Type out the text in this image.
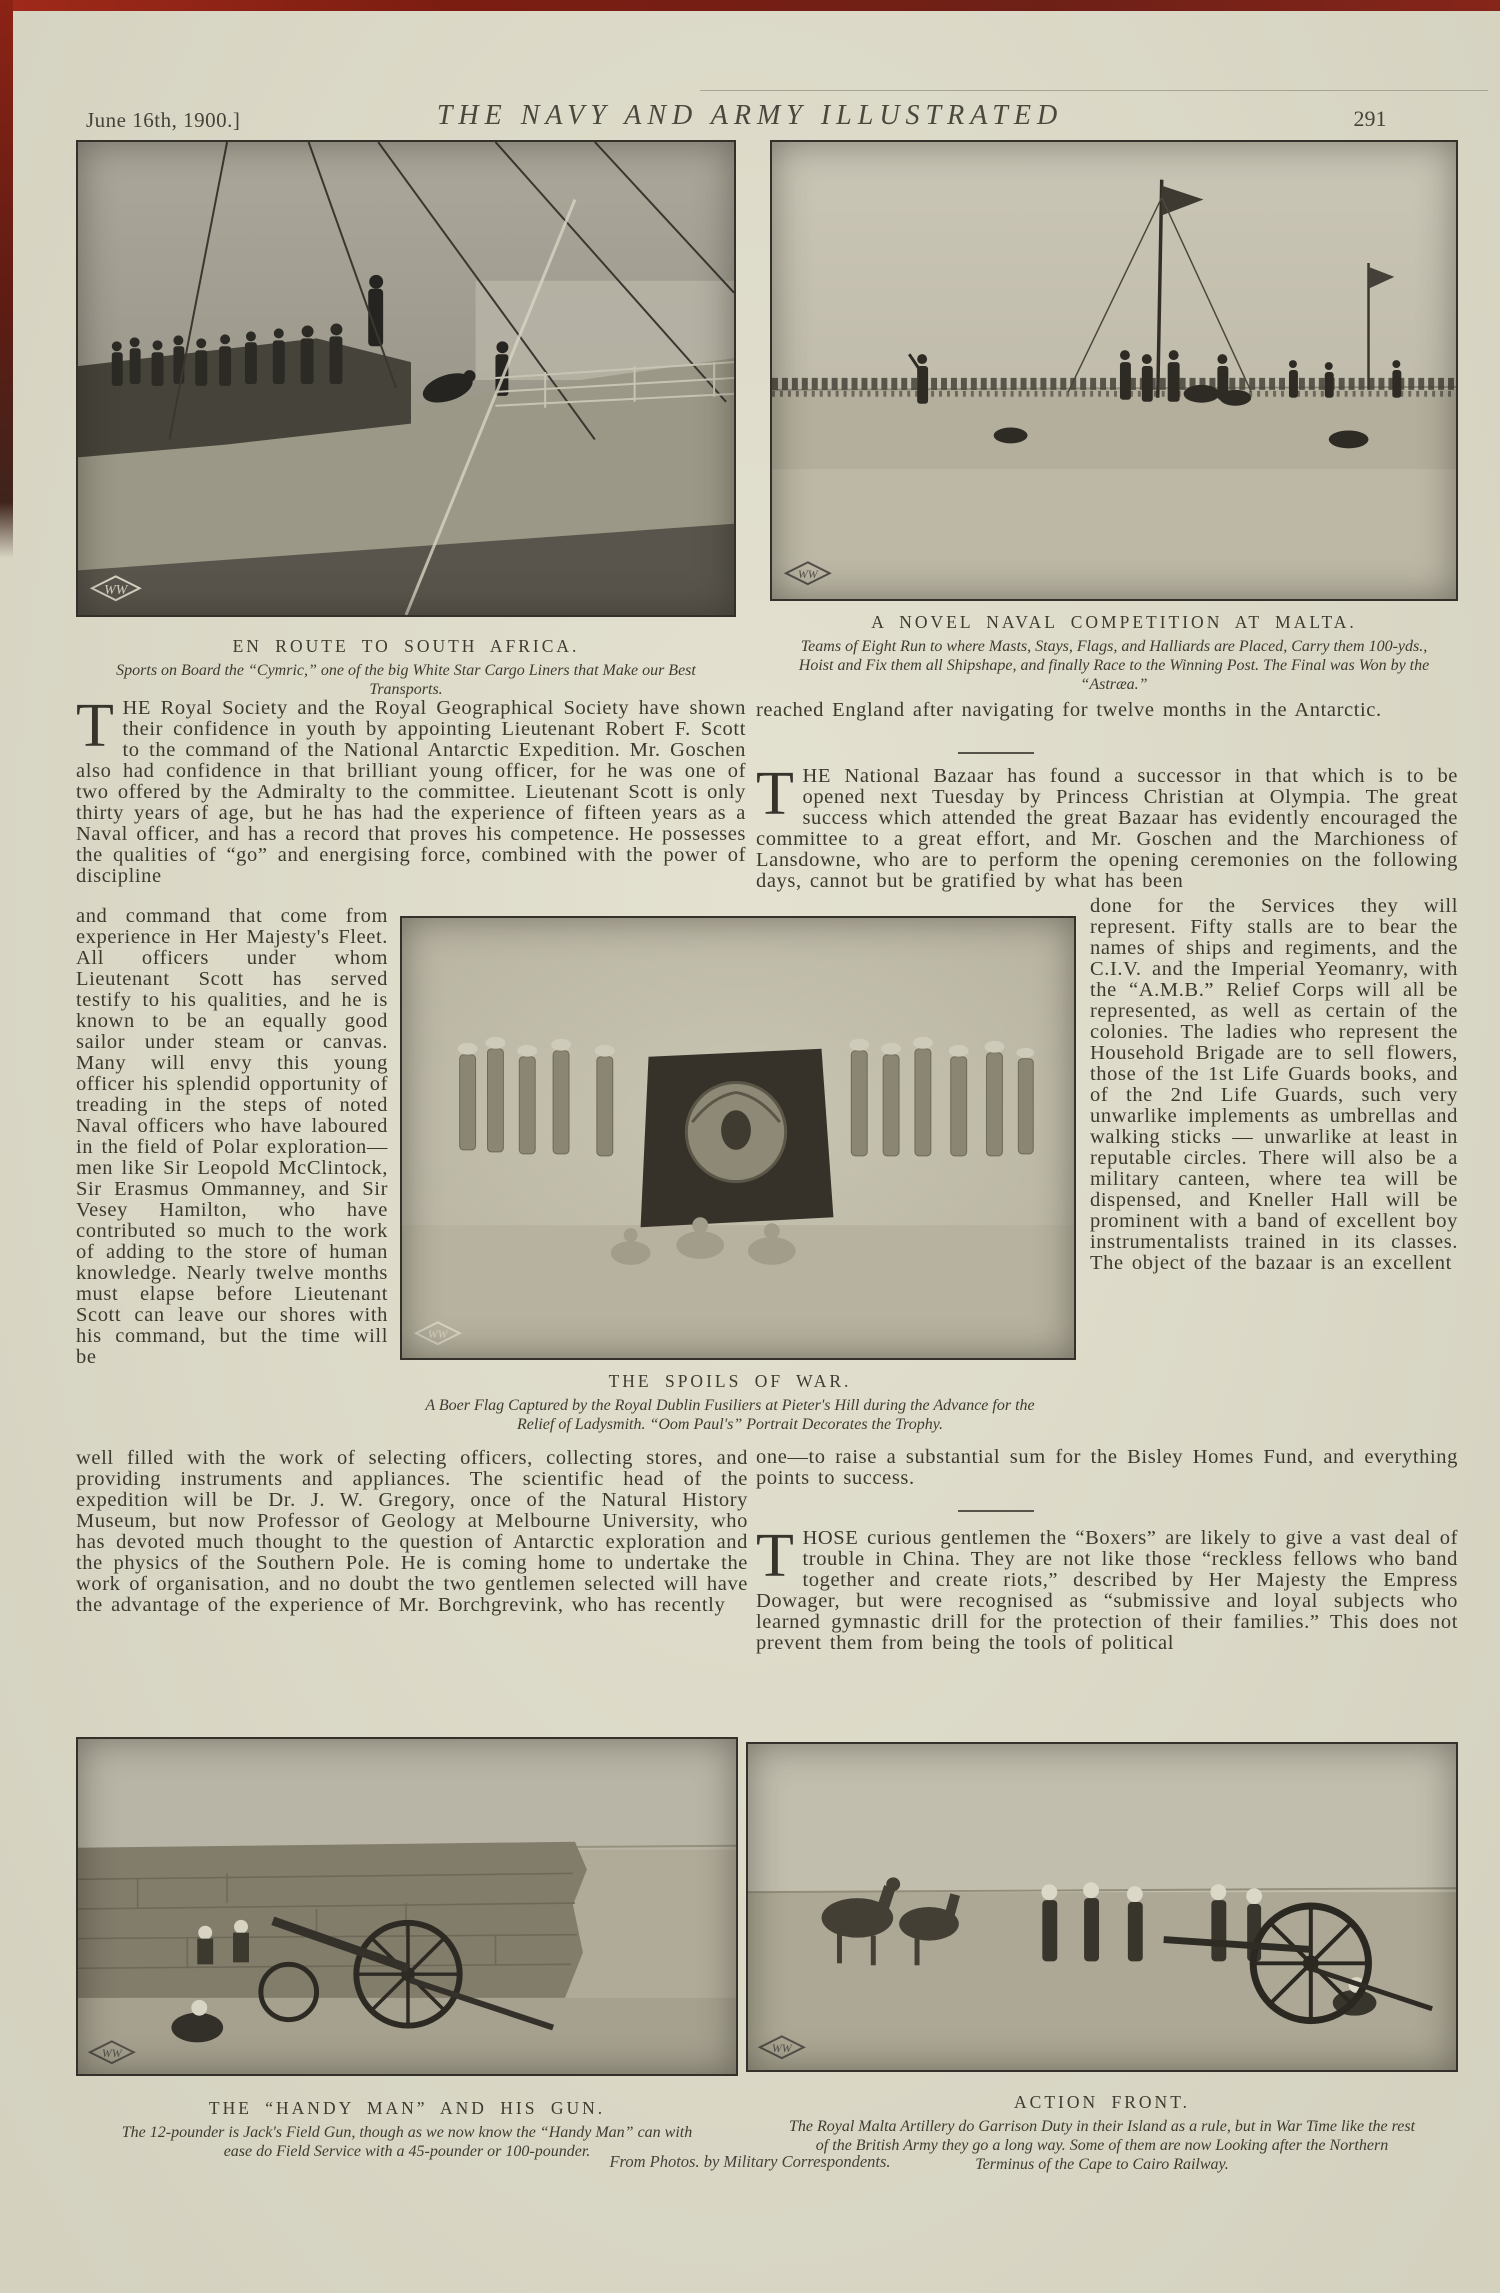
June 16th, 1900.]	THE NAVY AND ARMY ILLUSTRATED	291
WW
WW
EN ROUTE TO SOUTH AFRICA.
Sports on Board the “Cymric,” one of the big White Star Cargo Liners that Make our Best Transports.
A NOVEL NAVAL COMPETITION AT MALTA.
Teams of Eight Run to where Masts, Stays, Flags, and Halliards are Placed, Carry them 100-yds., Hoist and Fix them all Shipshape, and finally Race to the Winning Post. The Final was Won by the “Astræa.”
THE Royal Society and the Royal Geographical Society have shown their confidence in youth by appointing Lieutenant Robert F. Scott to the command of the National Antarctic Expedition. Mr. Goschen also had confidence in that brilliant young officer, for he was one of two offered by the Admiralty to the committee. Lieutenant Scott is only thirty years of age, but he has had the experience of fifteen years as a Naval officer, and has a record that proves his competence. He possesses the qualities of “go” and energising force, combined with the power of discipline
and command that come from experience in Her Majesty's Fleet. All officers under whom Lieutenant Scott has served testify to his qualities, and he is known to be an equally good sailor under steam or canvas. Many will envy this young officer his splendid opportunity of treading in the steps of noted Naval officers who have laboured in the field of Polar exploration—men like Sir Leopold McClintock, Sir Erasmus Ommanney, and Sir Vesey Hamilton, who have contributed so much to the work of adding to the store of human knowledge. Nearly twelve months must elapse before Lieutenant Scott can leave our shores with his command, but the time will be
well filled with the work of selecting officers, collecting stores, and providing instruments and appliances. The scientific head of the expedition will be Dr. J. W. Gregory, once of the Natural History Museum, but now Professor of Geology at Melbourne University, who has devoted much thought to the question of Antarctic exploration and the physics of the Southern Pole. He is coming home to undertake the work of organisation, and no doubt the two gentlemen selected will have the advantage of the experience of Mr. Borchgrevink, who has recently
reached England after navigating for twelve months in the Antarctic.
THE National Bazaar has found a successor in that which is to be opened next Tuesday by Princess Christian at Olympia. The great success which attended the great Bazaar has evidently encouraged the committee to a great effort, and Mr. Goschen and the Marchioness of Lansdowne, who are to perform the opening ceremonies on the following days, cannot but be gratified by what has been
done for the Services they will represent. Fifty stalls are to bear the names of ships and regiments, and the C.I.V. and the Imperial Yeomanry, with the “A.M.B.” Relief Corps will all be represented, as well as certain of the colonies. The ladies who represent the Household Brigade are to sell flowers, those of the 1st Life Guards books, and of the 2nd Life Guards, such very unwarlike implements as umbrellas and walking sticks — unwarlike at least in reputable circles. There will also be a military canteen, where tea will be dispensed, and Kneller Hall will be prominent with a band of excellent boy instrumentalists trained in its classes. The object of the bazaar is an excellent
one—to raise a substantial sum for the Bisley Homes Fund, and everything points to success.
THOSE curious gentlemen the “Boxers” are likely to give a vast deal of trouble in China. They are not like those “reckless fellows who band together and create riots,” described by Her Majesty the Empress Dowager, but were recognised as “submissive and loyal subjects who learned gymnastic drill for the protection of their families.” This does not prevent them from being the tools of political
WW
THE SPOILS OF WAR.
A Boer Flag Captured by the Royal Dublin Fusiliers at Pieter's Hill during the Advance for the Relief of Ladysmith. “Oom Paul's” Portrait Decorates the Trophy.
WW	WW
THE “HANDY MAN” AND HIS GUN.
The 12-pounder is Jack's Field Gun, though as we now know the “Handy Man” can with ease do Field Service with a 45-pounder or 100-pounder.
ACTION FRONT.
The Royal Malta Artillery do Garrison Duty in their Island as a rule, but in War Time like the rest of the British Army they go a long way. Some of them are now Looking after the Northern Terminus of the Cape to Cairo Railway.
From Photos. by Military Correspondents.
